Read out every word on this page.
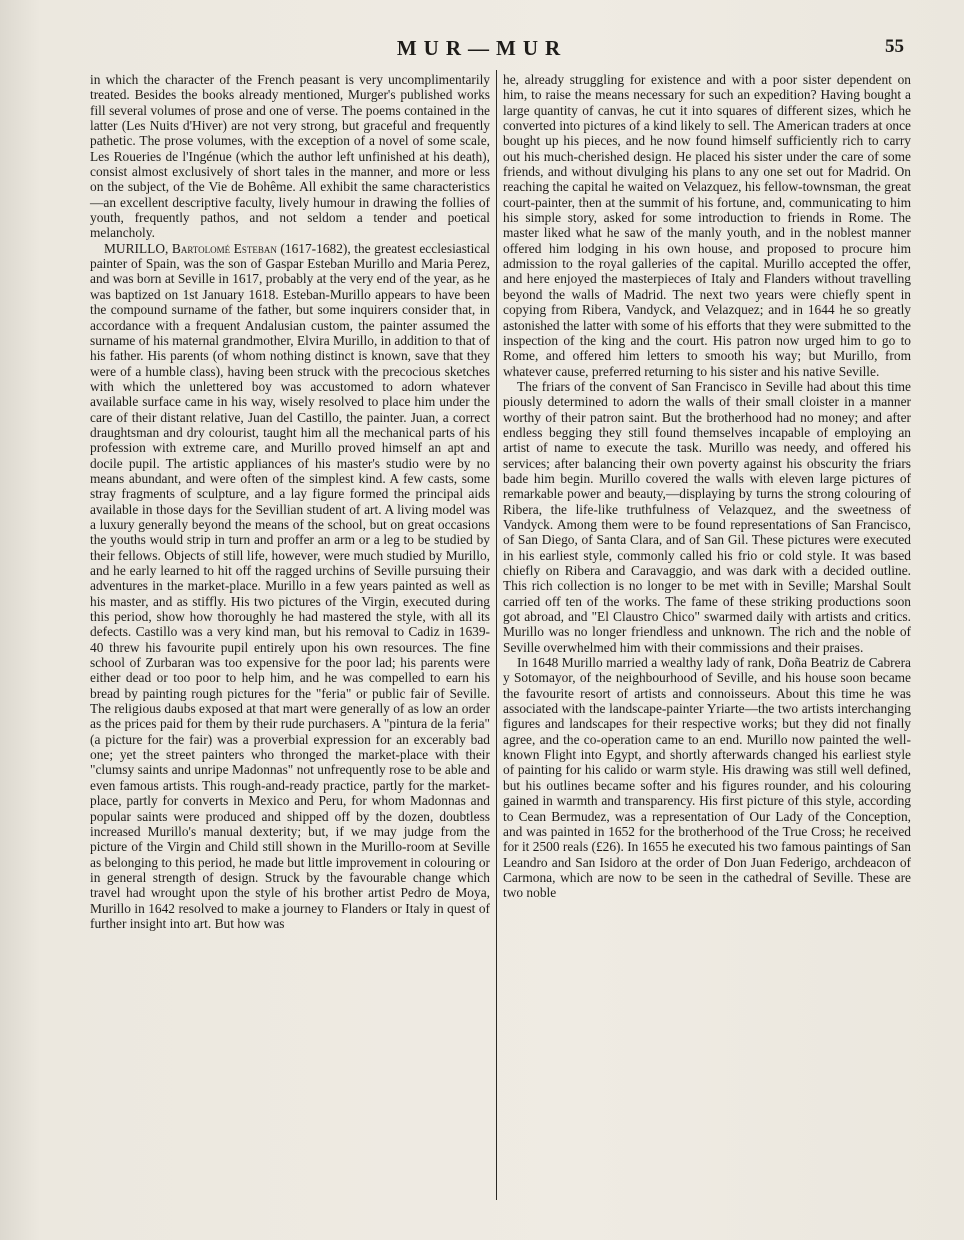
MUR—MUR	55

in which the character of the French peasant is very uncomplimentarily treated. Besides the books already mentioned, Murger's published works fill several volumes of prose and one of verse. The poems contained in the latter (Les Nuits d'Hiver) are not very strong, but graceful and frequently pathetic. The prose volumes, with the exception of a novel of some scale, Les Roueries de l'Ingénue (which the author left unfinished at his death), consist almost exclusively of short tales in the manner, and more or less on the subject, of the Vie de Bohême. All exhibit the same characteristics—an excellent descriptive faculty, lively humour in drawing the follies of youth, frequently pathos, and not seldom a tender and poetical melancholy.

MURILLO, Bartolomé Esteban (1617-1682), the greatest ecclesiastical painter of Spain, was the son of Gaspar Esteban Murillo and Maria Perez, and was born at Seville in 1617, probably at the very end of the year, as he was baptized on 1st January 1618. Esteban-Murillo appears to have been the compound surname of the father, but some inquirers consider that, in accordance with a frequent Andalusian custom, the painter assumed the surname of his maternal grandmother, Elvira Murillo, in addition to that of his father. His parents (of whom nothing distinct is known, save that they were of a humble class), having been struck with the precocious sketches with which the unlettered boy was accustomed to adorn whatever available surface came in his way, wisely resolved to place him under the care of their distant relative, Juan del Castillo, the painter. Juan, a correct draughtsman and dry colourist, taught him all the mechanical parts of his profession with extreme care, and Murillo proved himself an apt and docile pupil. The artistic appliances of his master's studio were by no means abundant, and were often of the simplest kind. A few casts, some stray fragments of sculpture, and a lay figure formed the principal aids available in those days for the Sevillian student of art. A living model was a luxury generally beyond the means of the school, but on great occasions the youths would strip in turn and proffer an arm or a leg to be studied by their fellows. Objects of still life, however, were much studied by Murillo, and he early learned to hit off the ragged urchins of Seville pursuing their adventures in the market-place. Murillo in a few years painted as well as his master, and as stiffly. His two pictures of the Virgin, executed during this period, show how thoroughly he had mastered the style, with all its defects. Castillo was a very kind man, but his removal to Cadiz in 1639-40 threw his favourite pupil entirely upon his own resources. The fine school of Zurbaran was too expensive for the poor lad; his parents were either dead or too poor to help him, and he was compelled to earn his bread by painting rough pictures for the "feria" or public fair of Seville. The religious daubs exposed at that mart were generally of as low an order as the prices paid for them by their rude purchasers. A "pintura de la feria" (a picture for the fair) was a proverbial expression for an excerably bad one; yet the street painters who thronged the market-place with their "clumsy saints and unripe Madonnas" not unfrequently rose to be able and even famous artists. This rough-and-ready practice, partly for the market-place, partly for converts in Mexico and Peru, for whom Madonnas and popular saints were produced and shipped off by the dozen, doubtless increased Murillo's manual dexterity; but, if we may judge from the picture of the Virgin and Child still shown in the Murillo-room at Seville as belonging to this period, he made but little improvement in colouring or in general strength of design. Struck by the favourable change which travel had wrought upon the style of his brother artist Pedro de Moya, Murillo in 1642 resolved to make a journey to Flanders or Italy in quest of further insight into art. But how was

he, already struggling for existence and with a poor sister dependent on him, to raise the means necessary for such an expedition? Having bought a large quantity of canvas, he cut it into squares of different sizes, which he converted into pictures of a kind likely to sell. The American traders at once bought up his pieces, and he now found himself sufficiently rich to carry out his much-cherished design. He placed his sister under the care of some friends, and without divulging his plans to any one set out for Madrid. On reaching the capital he waited on Velazquez, his fellow-townsman, the great court-painter, then at the summit of his fortune, and, communicating to him his simple story, asked for some introduction to friends in Rome. The master liked what he saw of the manly youth, and in the noblest manner offered him lodging in his own house, and proposed to procure him admission to the royal galleries of the capital. Murillo accepted the offer, and here enjoyed the masterpieces of Italy and Flanders without travelling beyond the walls of Madrid. The next two years were chiefly spent in copying from Ribera, Vandyck, and Velazquez; and in 1644 he so greatly astonished the latter with some of his efforts that they were submitted to the inspection of the king and the court. His patron now urged him to go to Rome, and offered him letters to smooth his way; but Murillo, from whatever cause, preferred returning to his sister and his native Seville.

The friars of the convent of San Francisco in Seville had about this time piously determined to adorn the walls of their small cloister in a manner worthy of their patron saint. But the brotherhood had no money; and after endless begging they still found themselves incapable of employing an artist of name to execute the task. Murillo was needy, and offered his services; after balancing their own poverty against his obscurity the friars bade him begin. Murillo covered the walls with eleven large pictures of remarkable power and beauty,—displaying by turns the strong colouring of Ribera, the life-like truthfulness of Velazquez, and the sweetness of Vandyck. Among them were to be found representations of San Francisco, of San Diego, of Santa Clara, and of San Gil. These pictures were executed in his earliest style, commonly called his frio or cold style. It was based chiefly on Ribera and Caravaggio, and was dark with a decided outline. This rich collection is no longer to be met with in Seville; Marshal Soult carried off ten of the works. The fame of these striking productions soon got abroad, and "El Claustro Chico" swarmed daily with artists and critics. Murillo was no longer friendless and unknown. The rich and the noble of Seville overwhelmed him with their commissions and their praises.

In 1648 Murillo married a wealthy lady of rank, Doña Beatriz de Cabrera y Sotomayor, of the neighbourhood of Seville, and his house soon became the favourite resort of artists and connoisseurs. About this time he was associated with the landscape-painter Yriarte—the two artists interchanging figures and landscapes for their respective works; but they did not finally agree, and the co-operation came to an end. Murillo now painted the well-known Flight into Egypt, and shortly afterwards changed his earliest style of painting for his calido or warm style. His drawing was still well defined, but his outlines became softer and his figures rounder, and his colouring gained in warmth and transparency. His first picture of this style, according to Cean Bermudez, was a representation of Our Lady of the Conception, and was painted in 1652 for the brotherhood of the True Cross; he received for it 2500 reals (£26). In 1655 he executed his two famous paintings of San Leandro and San Isidoro at the order of Don Juan Federigo, archdeacon of Carmona, which are now to be seen in the cathedral of Seville. These are two noble
